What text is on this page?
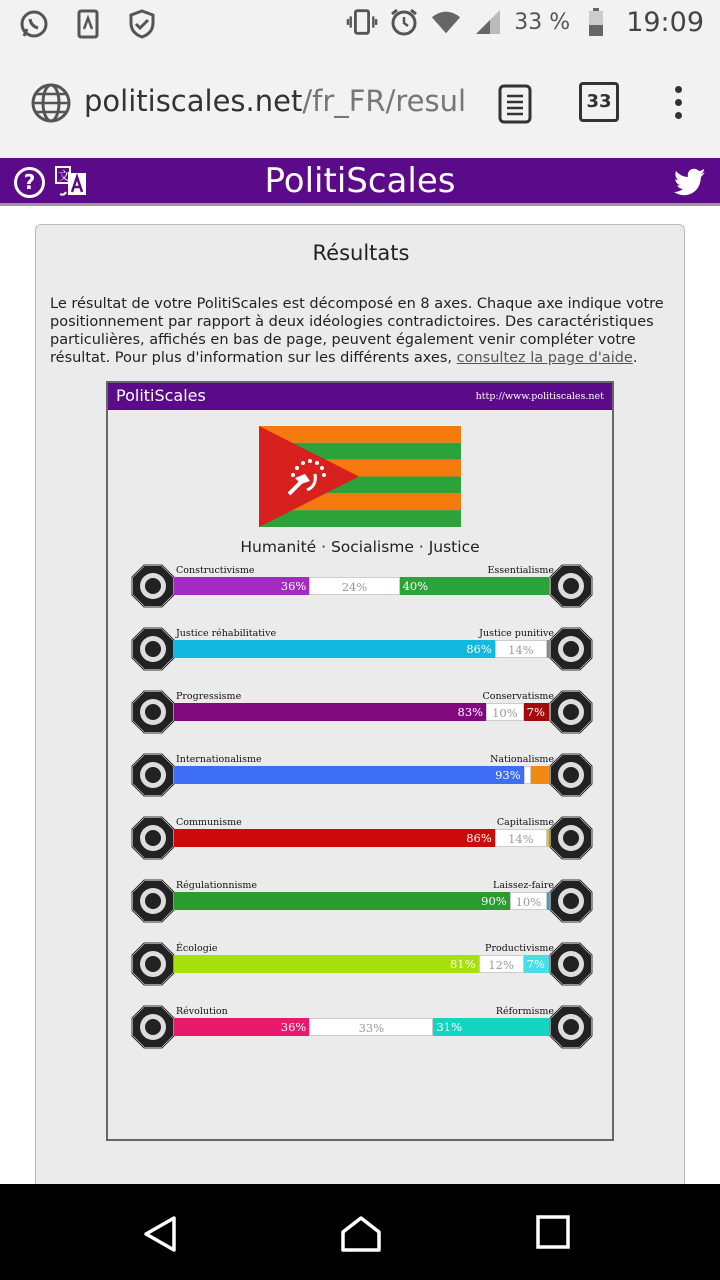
33 % 19:09
politiscales.net/fr_FR/resul	33
?	文	PolitiScales
Résultats
Le résultat de votre PolitiScales est décomposé en 8 axes. Chaque axe indique votre positionnement par rapport à deux idéologies contradictoires. Des caractéristiques particulières, affichés en bas de page, peuvent également venir compléter votre résultat. Pour plus d'information sur les différents axes, consultez la page d'aide.
PolitiScales	http://www.politiscales.net
Humanité · Socialisme · Justice
Constructivisme	Essentialisme
36%	24%	40%
Justice réhabilitative	Justice punitive
86%	14%
Progressisme	Conservatisme
83% 10% 7%
Internationalisme	Nationalisme
93%
Communisme	Capitalisme
86%	14%
Régulationnisme	Laissez-faire
90% 10%
Écologie	Productivisme
81%	12%	7%
Révolution	Réformisme
36%	33%	31%
